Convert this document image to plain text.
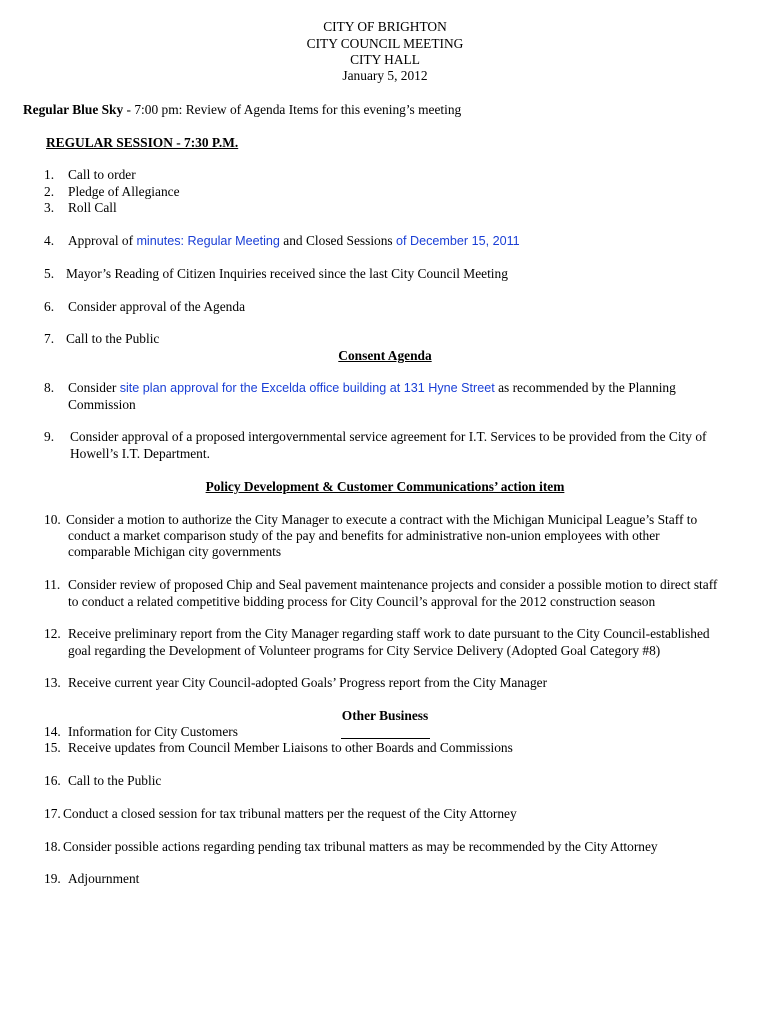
CITY OF BRIGHTON
CITY COUNCIL MEETING
CITY HALL
January 5, 2012
Regular Blue Sky - 7:00 pm: Review of Agenda Items for this evening’s meeting
REGULAR SESSION - 7:30 P.M.
1. Call to order
2. Pledge of Allegiance
3. Roll Call
4. Approval of minutes: Regular Meeting and Closed Sessions of December 15, 2011
5. Mayor’s Reading of Citizen Inquiries received since the last City Council Meeting
6. Consider approval of the Agenda
7. Call to the Public
Consent Agenda
8. Consider site plan approval for the Excelda office building at 131 Hyne Street as recommended by the Planning
Commission
9. Consider approval of a proposed intergovernmental service agreement for I.T. Services to be provided from the City of
Howell’s I.T. Department.
Policy Development & Customer Communications’ action item
10. Consider a motion to authorize the City Manager to execute a contract with the Michigan Municipal League’s Staff to
conduct a market comparison study of the pay and benefits for administrative non-union employees with other
comparable Michigan city governments
11. Consider review of proposed Chip and Seal pavement maintenance projects and consider a possible motion to direct staff
to conduct a related competitive bidding process for City Council’s approval for the 2012 construction season
12. Receive preliminary report from the City Manager regarding staff work to date pursuant to the City Council-established
goal regarding the Development of Volunteer programs for City Service Delivery (Adopted Goal Category #8)
13. Receive current year City Council-adopted Goals’ Progress report from the City Manager
Other Business
14. Information for City Customers
15. Receive updates from Council Member Liaisons to other Boards and Commissions
16. Call to the Public
17. Conduct a closed session for tax tribunal matters per the request of the City Attorney
18. Consider possible actions regarding pending tax tribunal matters as may be recommended by the City Attorney
19. Adjournment
